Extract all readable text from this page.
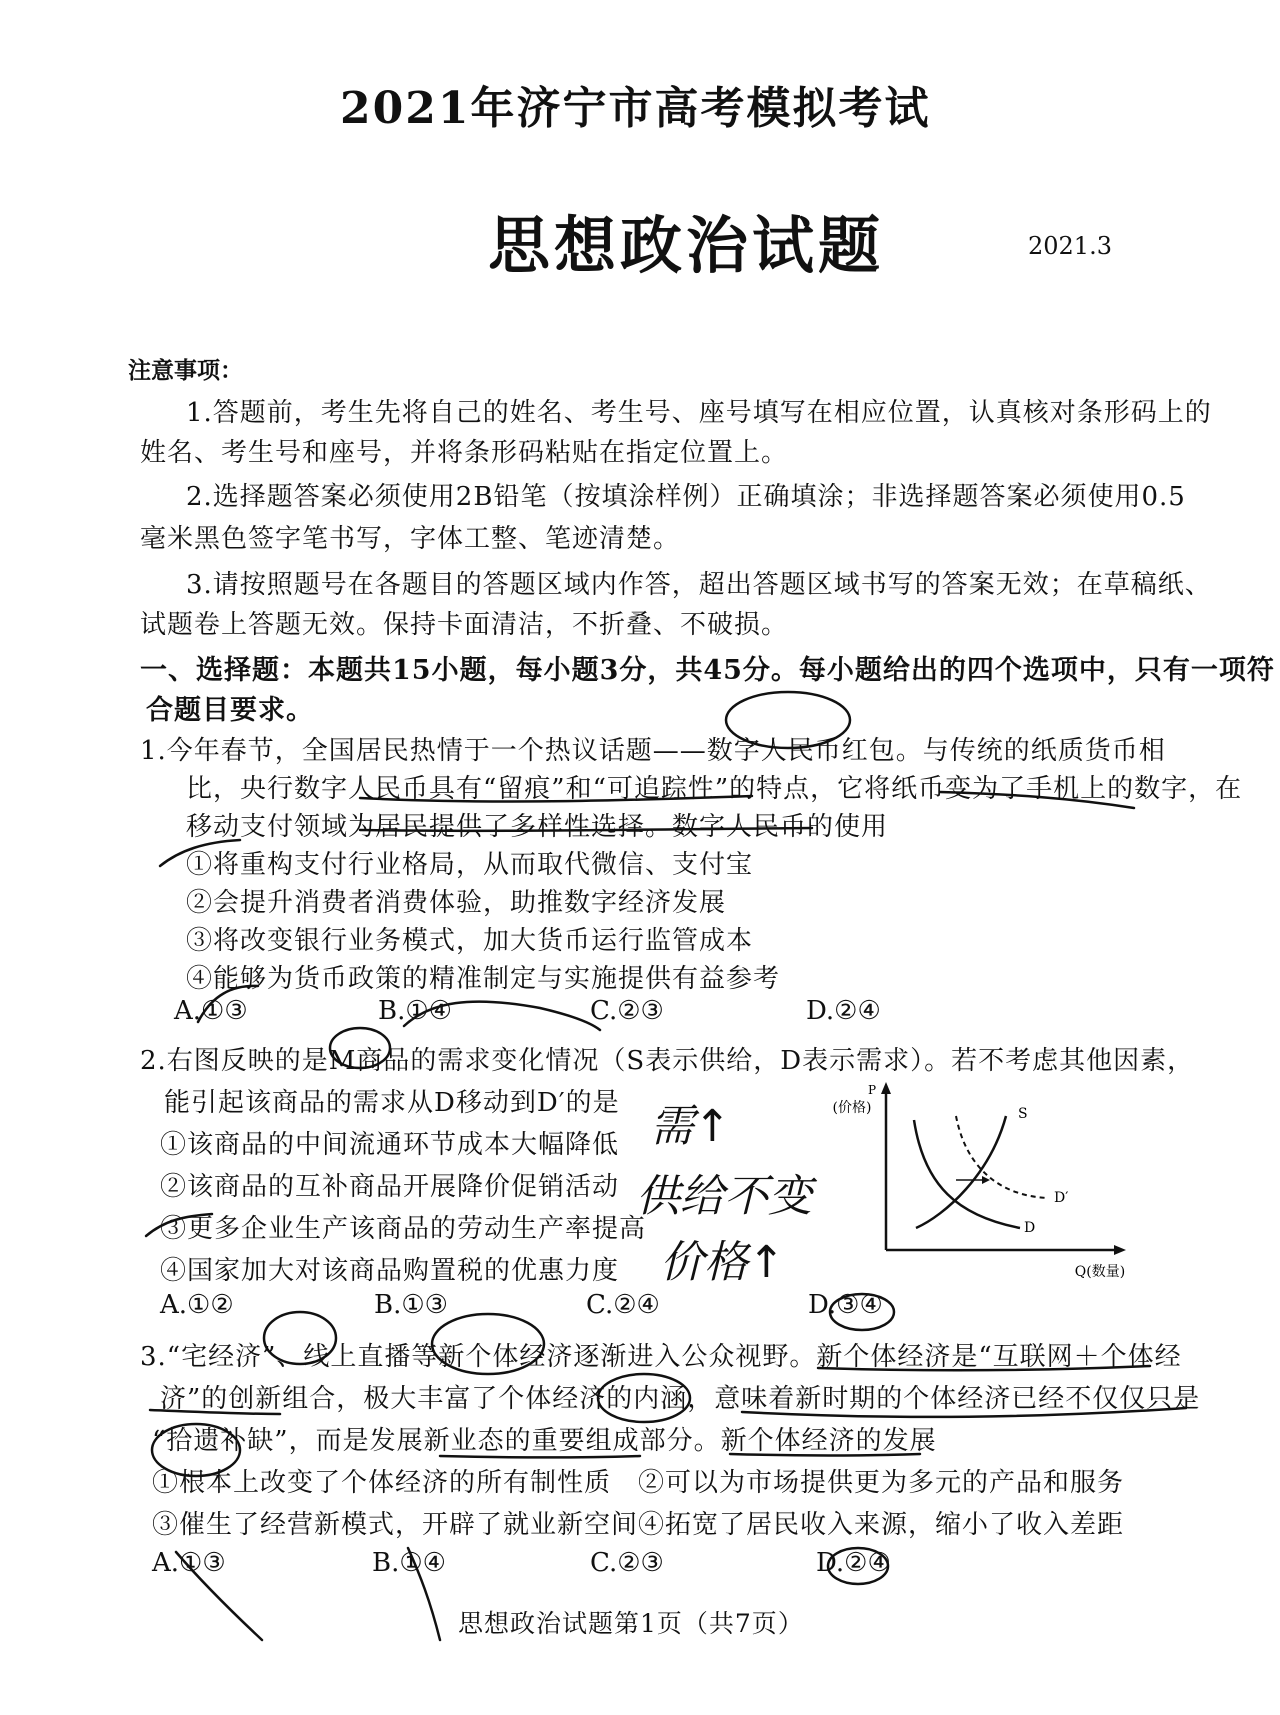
2021年济宁市高考模拟考试
思想政治试题	2021.3
注意事项：
1.答题前，考生先将自己的姓名、考生号、座号填写在相应位置，认真核对条形码上的
姓名、考生号和座号，并将条形码粘贴在指定位置上。
2.选择题答案必须使用2B铅笔（按填涂样例）正确填涂；非选择题答案必须使用0.5
毫米黑色签字笔书写，字体工整、笔迹清楚。
3.请按照题号在各题目的答题区域内作答，超出答题区域书写的答案无效；在草稿纸、
试题卷上答题无效。保持卡面清洁，不折叠、不破损。
一、选择题：本题共15小题，每小题3分，共45分。每小题给出的四个选项中，只有一项符
合题目要求。
1.今年春节，全国居民热情于一个热议话题——数字人民币红包。与传统的纸质货币相
比，央行数字人民币具有“留痕”和“可追踪性”的特点，它将纸币变为了手机上的数字，在
移动支付领域为居民提供了多样性选择。数字人民币的使用
①将重构支付行业格局，从而取代微信、支付宝
②会提升消费者消费体验，助推数字经济发展
③将改变银行业务模式，加大货币运行监管成本
④能够为货币政策的精准制定与实施提供有益参考
A.①③	B.①④	C.②③	D.②④
2.右图反映的是M商品的需求变化情况（S表示供给，D表示需求）。若不考虑其他因素，
能引起该商品的需求从D移动到D′的是
①该商品的中间流通环节成本大幅降低
②该商品的互补商品开展降价促销活动
③更多企业生产该商品的劳动生产率提高
④国家加大对该商品购置税的优惠力度
A.①②	B.①③	C.②④	D.③④
需↑
供给不变
价格↑
P
(价格)
Q(数量)
S
D
D′
3.“宅经济”、线上直播等新个体经济逐渐进入公众视野。新个体经济是“互联网＋个体经
济”的创新组合，极大丰富了个体经济的内涵，意味着新时期的个体经济已经不仅仅只是
“拾遗补缺”，而是发展新业态的重要组成部分。新个体经济的发展
①根本上改变了个体经济的所有制性质 ②可以为市场提供更为多元的产品和服务
③催生了经营新模式，开辟了就业新空间 ④拓宽了居民收入来源，缩小了收入差距
A.①③	B.①④	C.②③	D.②④
思想政治试题第1页（共7页）
